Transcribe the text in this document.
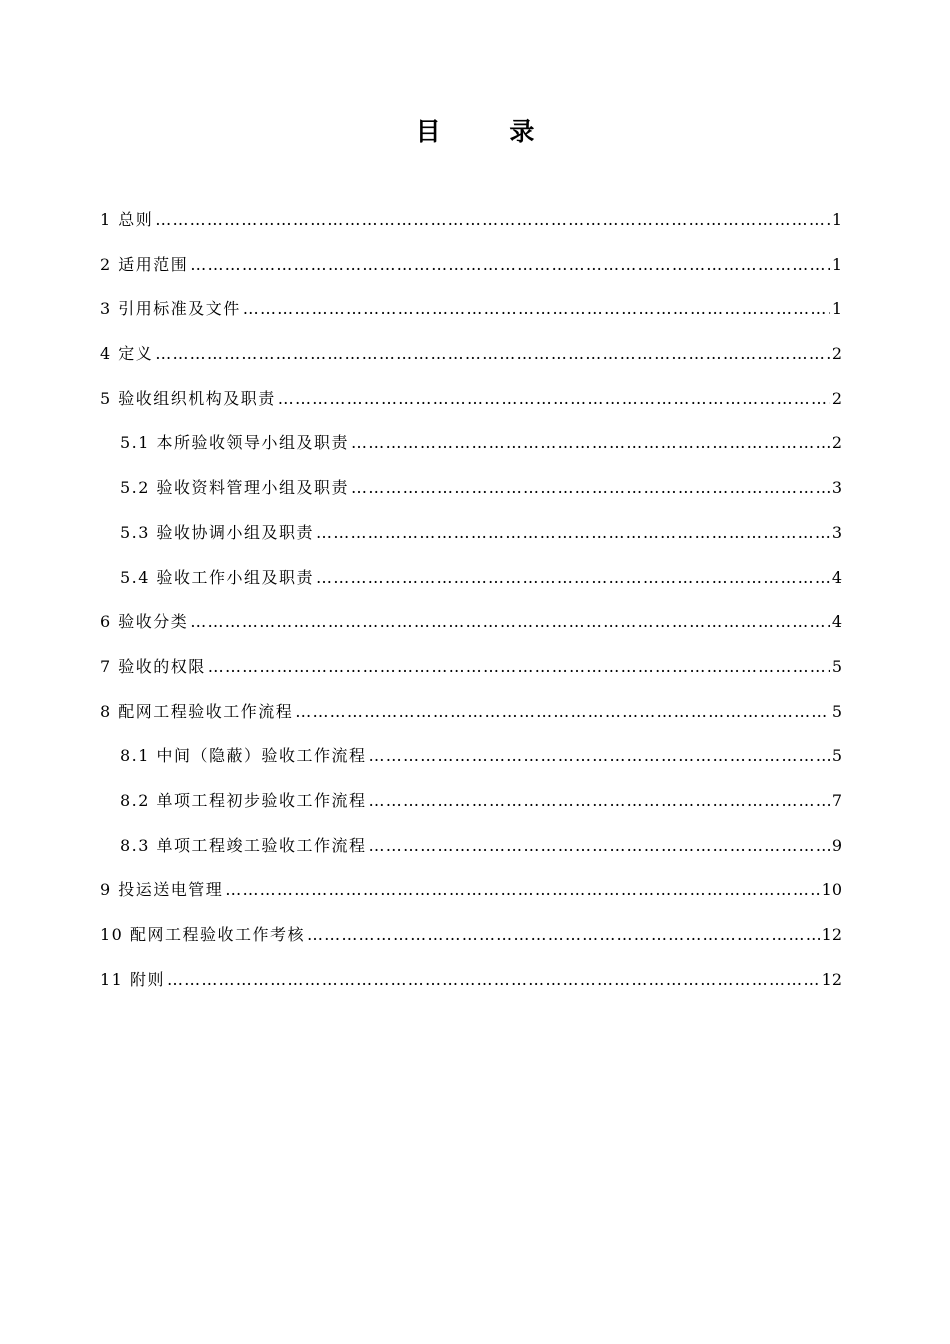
目 录
1 总则 …………………………………………………………………………………………………………………………………………………………………………………………………………………………………………	1
2 适用范围 …………………………………………………………………………………………………………………………………………………………………………………………………………………………………………	1
3 引用标准及文件 …………………………………………………………………………………………………………………………………………………………………………………………………………………………………………	1
4 定义 …………………………………………………………………………………………………………………………………………………………………………………………………………………………………………	2
5 验收组织机构及职责 …………………………………………………………………………………………………………………………………………………………………………………………………………………………………………	2
5.1 本所验收领导小组及职责 …………………………………………………………………………………………………………………………………………………………………………………………………………………………………………	2
5.2 验收资料管理小组及职责 …………………………………………………………………………………………………………………………………………………………………………………………………………………………………………	3
5.3 验收协调小组及职责 …………………………………………………………………………………………………………………………………………………………………………………………………………………………………………	3
5.4 验收工作小组及职责 …………………………………………………………………………………………………………………………………………………………………………………………………………………………………………	4
6 验收分类 …………………………………………………………………………………………………………………………………………………………………………………………………………………………………………	4
7 验收的权限 …………………………………………………………………………………………………………………………………………………………………………………………………………………………………………	5
8 配网工程验收工作流程 …………………………………………………………………………………………………………………………………………………………………………………………………………………………………………	5
8.1 中间（隐蔽）验收工作流程 …………………………………………………………………………………………………………………………………………………………………………………………………………………………………………	5
8.2 单项工程初步验收工作流程 …………………………………………………………………………………………………………………………………………………………………………………………………………………………………………	7
8.3 单项工程竣工验收工作流程 …………………………………………………………………………………………………………………………………………………………………………………………………………………………………………	9
9 投运送电管理 …………………………………………………………………………………………………………………………………………………………………………………………………………………………………………	10
10 配网工程验收工作考核 …………………………………………………………………………………………………………………………………………………………………………………………………………………………………………	12
11 附则 …………………………………………………………………………………………………………………………………………………………………………………………………………………………………………	12
